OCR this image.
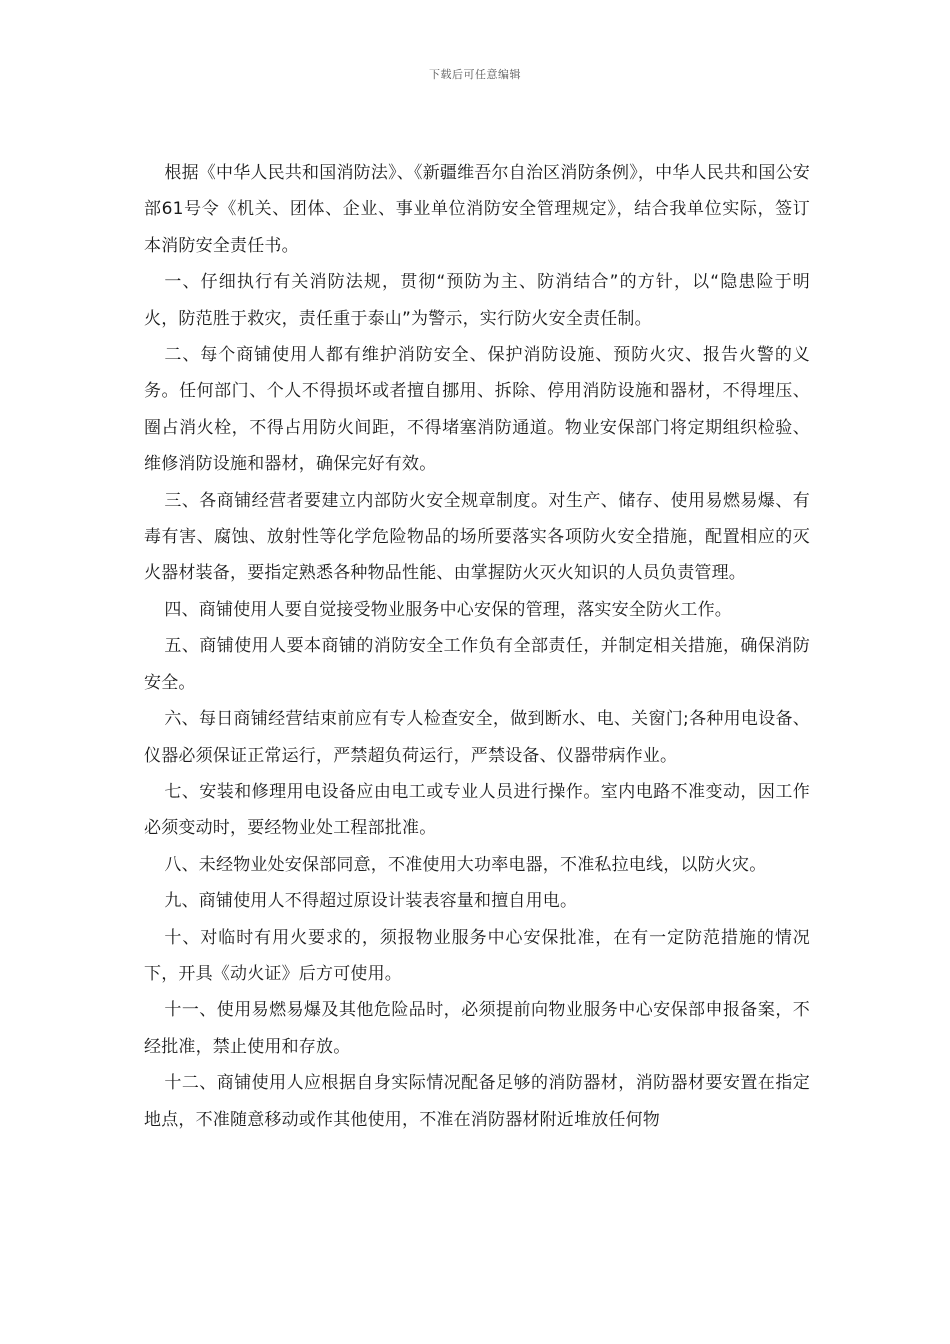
下载后可任意编辑

根据《中华人民共和国消防法》、《新疆维吾尔自治区消防条例》，中华人民共和国公安部61号令《机关、团体、企业、事业单位消防安全管理规定》，结合我单位实际，签订本消防安全责任书。

一、仔细执行有关消防法规，贯彻“预防为主、防消结合”的方针，以“隐患险于明火，防范胜于救灾，责任重于泰山”为警示，实行防火安全责任制。

二、每个商铺使用人都有维护消防安全、保护消防设施、预防火灾、报告火警的义务。任何部门、个人不得损坏或者擅自挪用、拆除、停用消防设施和器材，不得埋压、圈占消火栓，不得占用防火间距，不得堵塞消防通道。物业安保部门将定期组织检验、维修消防设施和器材，确保完好有效。

三、各商铺经营者要建立内部防火安全规章制度。对生产、储存、使用易燃易爆、有毒有害、腐蚀、放射性等化学危险物品的场所要落实各项防火安全措施，配置相应的灭火器材装备，要指定熟悉各种物品性能、由掌握防火灭火知识的人员负责管理。

四、商铺使用人要自觉接受物业服务中心安保的管理，落实安全防火工作。

五、商铺使用人要本商铺的消防安全工作负有全部责任，并制定相关措施，确保消防安全。

六、每日商铺经营结束前应有专人检查安全，做到断水、电、关窗门;各种用电设备、仪器必须保证正常运行，严禁超负荷运行，严禁设备、仪器带病作业。

七、安装和修理用电设备应由电工或专业人员进行操作。室内电路不准变动，因工作必须变动时，要经物业处工程部批准。

八、未经物业处安保部同意，不准使用大功率电器，不准私拉电线，以防火灾。

九、商铺使用人不得超过原设计装表容量和擅自用电。

十、对临时有用火要求的，须报物业服务中心安保批准，在有一定防范措施的情况下，开具《动火证》后方可使用。

十一、使用易燃易爆及其他危险品时，必须提前向物业服务中心安保部申报备案，不经批准，禁止使用和存放。

十二、商铺使用人应根据自身实际情况配备足够的消防器材，消防器材要安置在指定地点，不准随意移动或作其他使用，不准在消防器材附近堆放任何物
